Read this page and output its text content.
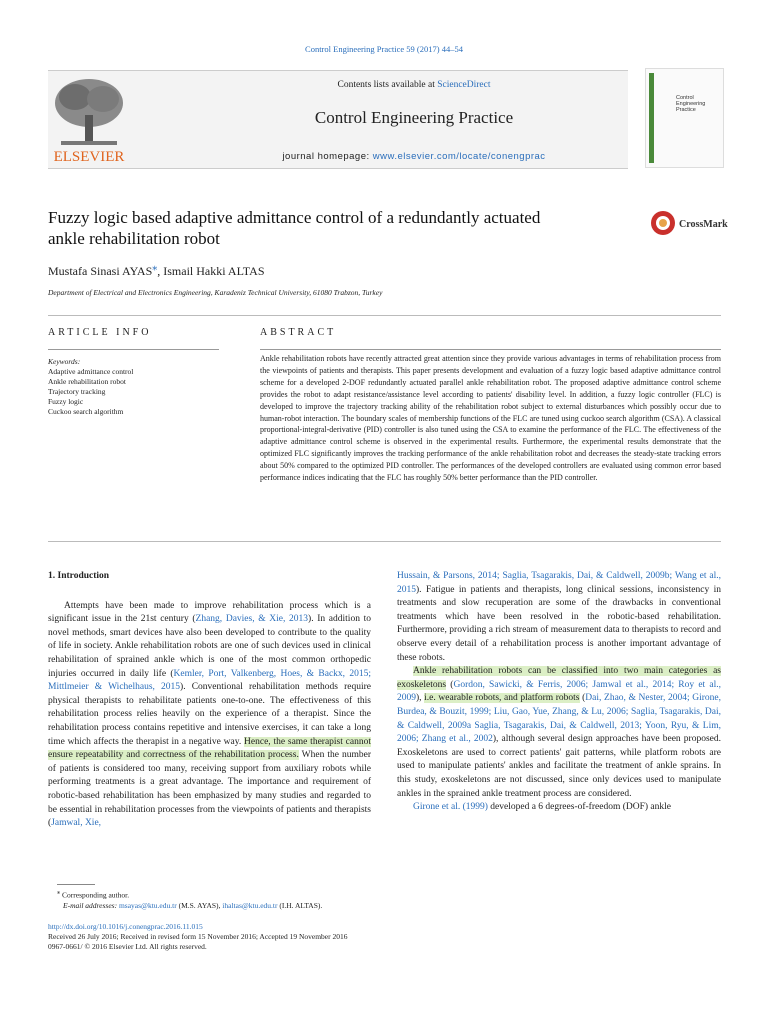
Control Engineering Practice 59 (2017) 44–54
ELSEVIER
Contents lists available at ScienceDirect
Control Engineering Practice
journal homepage: www.elsevier.com/locate/conengprac
Control
Engineering
Practice
Fuzzy logic based adaptive admittance control of a redundantly actuated
ankle rehabilitation robot
CrossMark
Mustafa Sinasi AYAS⁎, Ismail Hakki ALTAS
Department of Electrical and Electronics Engineering, Karadeniz Technical University, 61080 Trabzon, Turkey
ARTICLE INFO	ABSTRACT
Keywords:
Adaptive admittance control
Ankle rehabilitation robot
Trajectory tracking
Fuzzy logic
Cuckoo search algorithm
Ankle rehabilitation robots have recently attracted great attention since they provide various advantages in terms of rehabilitation process from the viewpoints of patients and therapists. This paper presents development and evaluation of a fuzzy logic based adaptive admittance control scheme for a developed 2-DOF redundantly actuated parallel ankle rehabilitation robot. The proposed adaptive admittance control scheme provides the robot to adapt resistance/assistance level according to patients' disability level. In addition, a fuzzy logic controller (FLC) is developed to improve the trajectory tracking ability of the rehabilitation robot subject to external disturbances which possibly occur due to human-robot interaction. The boundary scales of membership functions of the FLC are tuned using cuckoo search algorithm (CSA). A classical proportional-integral-derivative (PID) controller is also tuned using the CSA to examine the performance of the FLC. The effectiveness of the adaptive admittance control scheme is observed in the experimental results. Furthermore, the experimental results demonstrate that the optimized FLC significantly improves the tracking performance of the ankle rehabilitation robot and decreases the steady-state tracking errors about 50% compared to the optimized PID controller. The performances of the developed controllers are evaluated using common error based performance indices indicating that the FLC has roughly 50% better performance than the PID controller.
1. Introduction

Attempts have been made to improve rehabilitation process which is a significant issue in the 21st century (Zhang, Davies, & Xie, 2013). In addition to novel methods, smart devices have also been developed to contribute to the quality of life in society. Ankle rehabilitation robots are one of such devices used in clinical rehabilitation of sprained ankle which is one of the most common orthopedic injuries occurred in daily life (Kemler, Port, Valkenberg, Hoes, & Backx, 2015; Mittlmeier & Wichelhaus, 2015). Conventional rehabilitation methods require physical therapists to rehabilitate patients one-to-one. The effectiveness of this rehabilitation process relies heavily on the experience of a therapist. Since the rehabilitation process contains repetitive and intensive exercises, it can take a long time which affects the therapist in a negative way. Hence, the same therapist cannot ensure repeatability and correctness of the rehabilitation process. When the number of patients is considered too many, receiving support from auxiliary robots while performing treatments is a great advantage. The importance and requirement of robotic-based rehabilitation has been emphasized by many studies and regarded to be essential in rehabilitation processes from the viewpoints of patients and therapists (Jamwal, Xie,

Hussain, & Parsons, 2014; Saglia, Tsagarakis, Dai, & Caldwell, 2009b; Wang et al., 2015). Fatigue in patients and therapists, long clinical sessions, inconsistency in treatments and slow recuperation are some of the drawbacks in conventional treatments which have been resolved in the robotic-based rehabilitation. Furthermore, providing a rich stream of measurement data to therapists to record and observe every detail of a rehabilitation process is another important advantage of these robots.

Ankle rehabilitation robots can be classified into two main categories as exoskeletons (Gordon, Sawicki, & Ferris, 2006; Jamwal et al., 2014; Roy et al., 2009), i.e. wearable robots, and platform robots (Dai, Zhao, & Nester, 2004; Girone, Burdea, & Bouzit, 1999; Liu, Gao, Yue, Zhang, & Lu, 2006; Saglia, Tsagarakis, Dai, & Caldwell, 2009a Saglia, Tsagarakis, Dai, & Caldwell, 2013; Yoon, Ryu, & Lim, 2006; Zhang et al., 2002), although several design approaches have been proposed. Exoskeletons are used to correct patients' gait patterns, while platform robots are used to manipulate patients' ankles and facilitate the treatment of ankle sprains. In this study, exoskeletons are not discussed, since only devices used to manipulate ankles in the sprained ankle treatment process are considered.

Girone et al. (1999) developed a 6 degrees-of-freedom (DOF) ankle

⁎ Corresponding author.
E-mail addresses: msayas@ktu.edu.tr (M.S. AYAS), ihaltas@ktu.edu.tr (I.H. ALTAS).
http://dx.doi.org/10.1016/j.conengprac.2016.11.015
Received 26 July 2016; Received in revised form 15 November 2016; Accepted 19 November 2016
0967-0661/ © 2016 Elsevier Ltd. All rights reserved.
